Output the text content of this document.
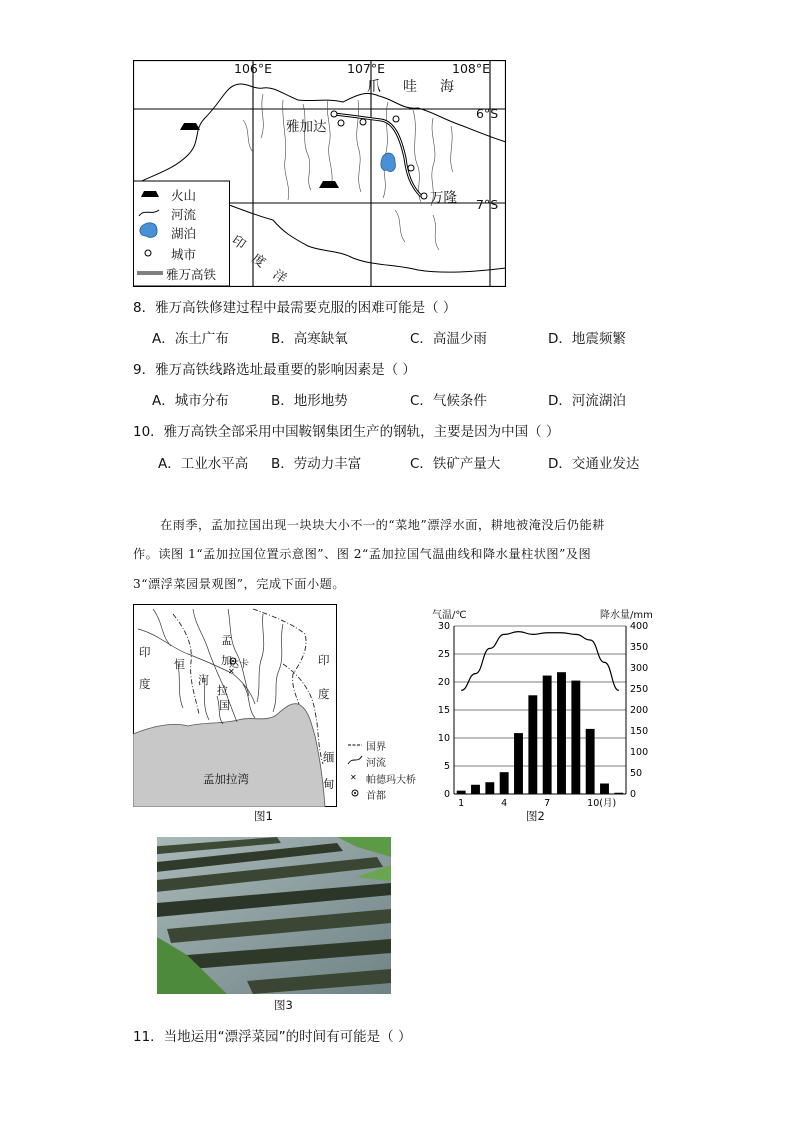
106°E	107°E	108°E
6°S
7°S
爪 哇 海
印
度
洋
雅加达
万隆
火山
河流
湖泊
城市
雅万高铁
8．雅万高铁修建过程中最需要克服的困难可能是（ ）
A．冻土广布	B．高寒缺氧	C．高温少雨	D．地震频繁
9．雅万高铁线路选址最重要的影响因素是（ ）
A．城市分布	B．地形地势	C．气候条件	D．河流湖泊
10．雅万高铁全部采用中国鞍钢集团生产的钢轨，主要是因为中国（ ）
A．工业水平高 B．劳动力丰富	C．铁矿产量大	D．交通业发达
在雨季，孟加拉国出现一块块大小不一的“菜地”漂浮水面，耕地被淹没后仍能耕
作。读图 1“孟加拉国位置示意图”、图 2“孟加拉国气温曲线和降水量柱状图”及图
3“漂浮菜园景观图”，完成下面小题。
✕
印
度
印
度
缅
甸
恒
河
孟
加
拉
国
达卡
孟加拉湾	✕
国界
河流
帕德玛大桥
首都
图1
气温/℃	降水量/mm
0
5
10
15
20
25
30
0
50
100
150
200
250
300
350
400
1	4	7	10(月)
图2
图3
11．当地运用“漂浮菜园”的时间有可能是（ ）
